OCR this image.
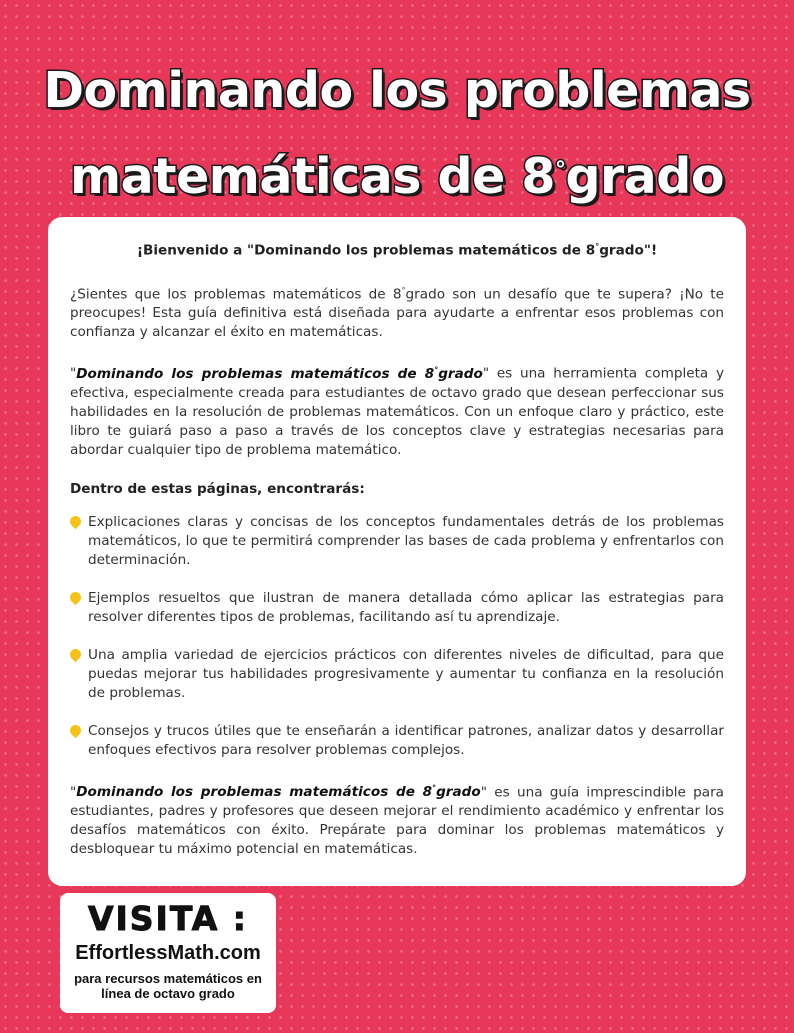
Dominando los problemas
matemáticas de 8°grado
¡Bienvenido a "Dominando los problemas matemáticos de 8°grado"!

¿Sientes que los problemas matemáticos de 8°grado son un desafío que te supera? ¡No te preocupes! Esta guía definitiva está diseñada para ayudarte a enfrentar esos problemas con confianza y alcanzar el éxito en matemáticas.

"Dominando los problemas matemáticos de 8°grado" es una herramienta completa y efectiva, especialmente creada para estudiantes de octavo grado que desean perfeccionar sus habilidades en la resolución de problemas matemáticos. Con un enfoque claro y práctico, este libro te guiará paso a paso a través de los conceptos clave y estrategias necesarias para abordar cualquier tipo de problema matemático.

Dentro de estas páginas, encontrarás:
Explicaciones claras y concisas de los conceptos fundamentales detrás de los problemas matemáticos, lo que te permitirá comprender las bases de cada problema y enfrentarlos con determinación.
Ejemplos resueltos que ilustran de manera detallada cómo aplicar las estrategias para resolver diferentes tipos de problemas, facilitando así tu aprendizaje.
Una amplia variedad de ejercicios prácticos con diferentes niveles de dificultad, para que puedas mejorar tus habilidades progresivamente y aumentar tu confianza en la resolución de problemas.
Consejos y trucos útiles que te enseñarán a identificar patrones, analizar datos y desarrollar enfoques efectivos para resolver problemas complejos.

"Dominando los problemas matemáticos de 8°grado" es una guía imprescindible para estudiantes, padres y profesores que deseen mejorar el rendimiento académico y enfrentar los desafíos matemáticos con éxito. Prepárate para dominar los problemas matemáticos y desbloquear tu máximo potencial en matemáticas.

VISITA :
EffortlessMath.com
para recursos matemáticos en línea de octavo grado
